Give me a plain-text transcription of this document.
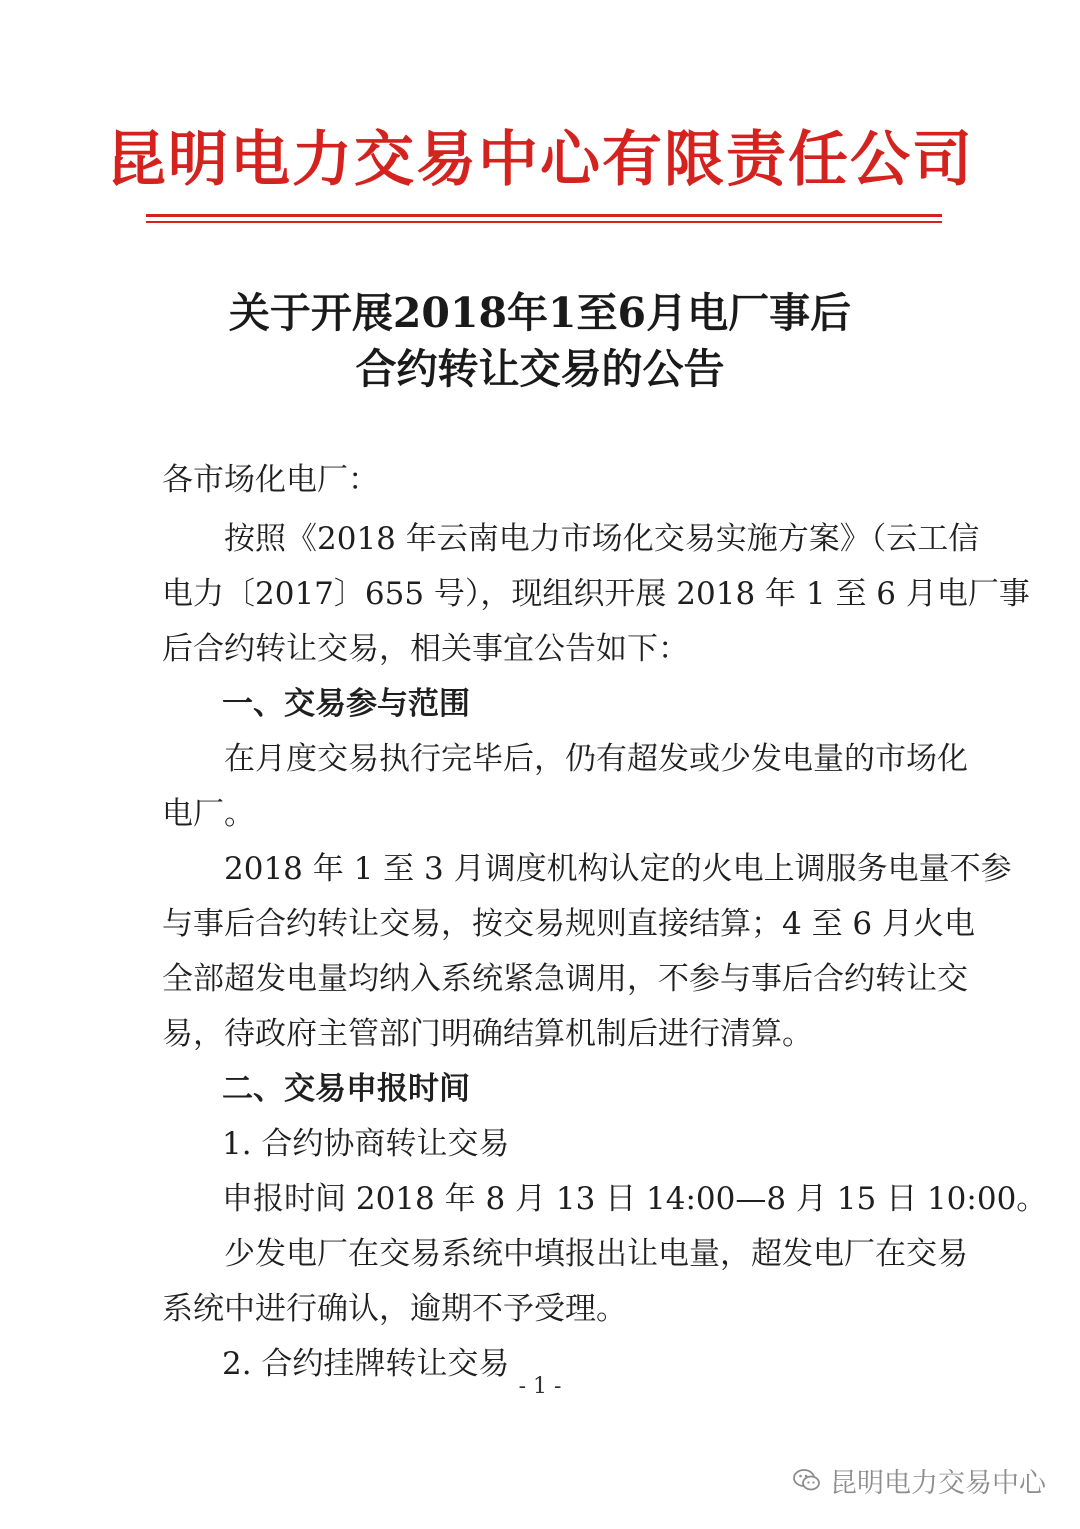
昆明电力交易中心有限责任公司
关于开展2018年1至6月电厂事后
合约转让交易的公告
各市场化电厂：
按照《2018 年云南电力市场化交易实施方案》（云工信
电力〔2017〕655 号），现组织开展 2018 年 1 至 6 月电厂事
后合约转让交易，相关事宜公告如下：
一、交易参与范围
在月度交易执行完毕后，仍有超发或少发电量的市场化
电厂。
2018 年 1 至 3 月调度机构认定的火电上调服务电量不参
与事后合约转让交易，按交易规则直接结算；4 至 6 月火电
全部超发电量均纳入系统紧急调用，不参与事后合约转让交
易，待政府主管部门明确结算机制后进行清算。
二、交易申报时间
1. 合约协商转让交易
申报时间 2018 年 8 月 13 日 14:00—8 月 15 日 10:00。
少发电厂在交易系统中填报出让电量，超发电厂在交易
系统中进行确认，逾期不予受理。
2. 合约挂牌转让交易
- 1 -
昆明电力交易中心
